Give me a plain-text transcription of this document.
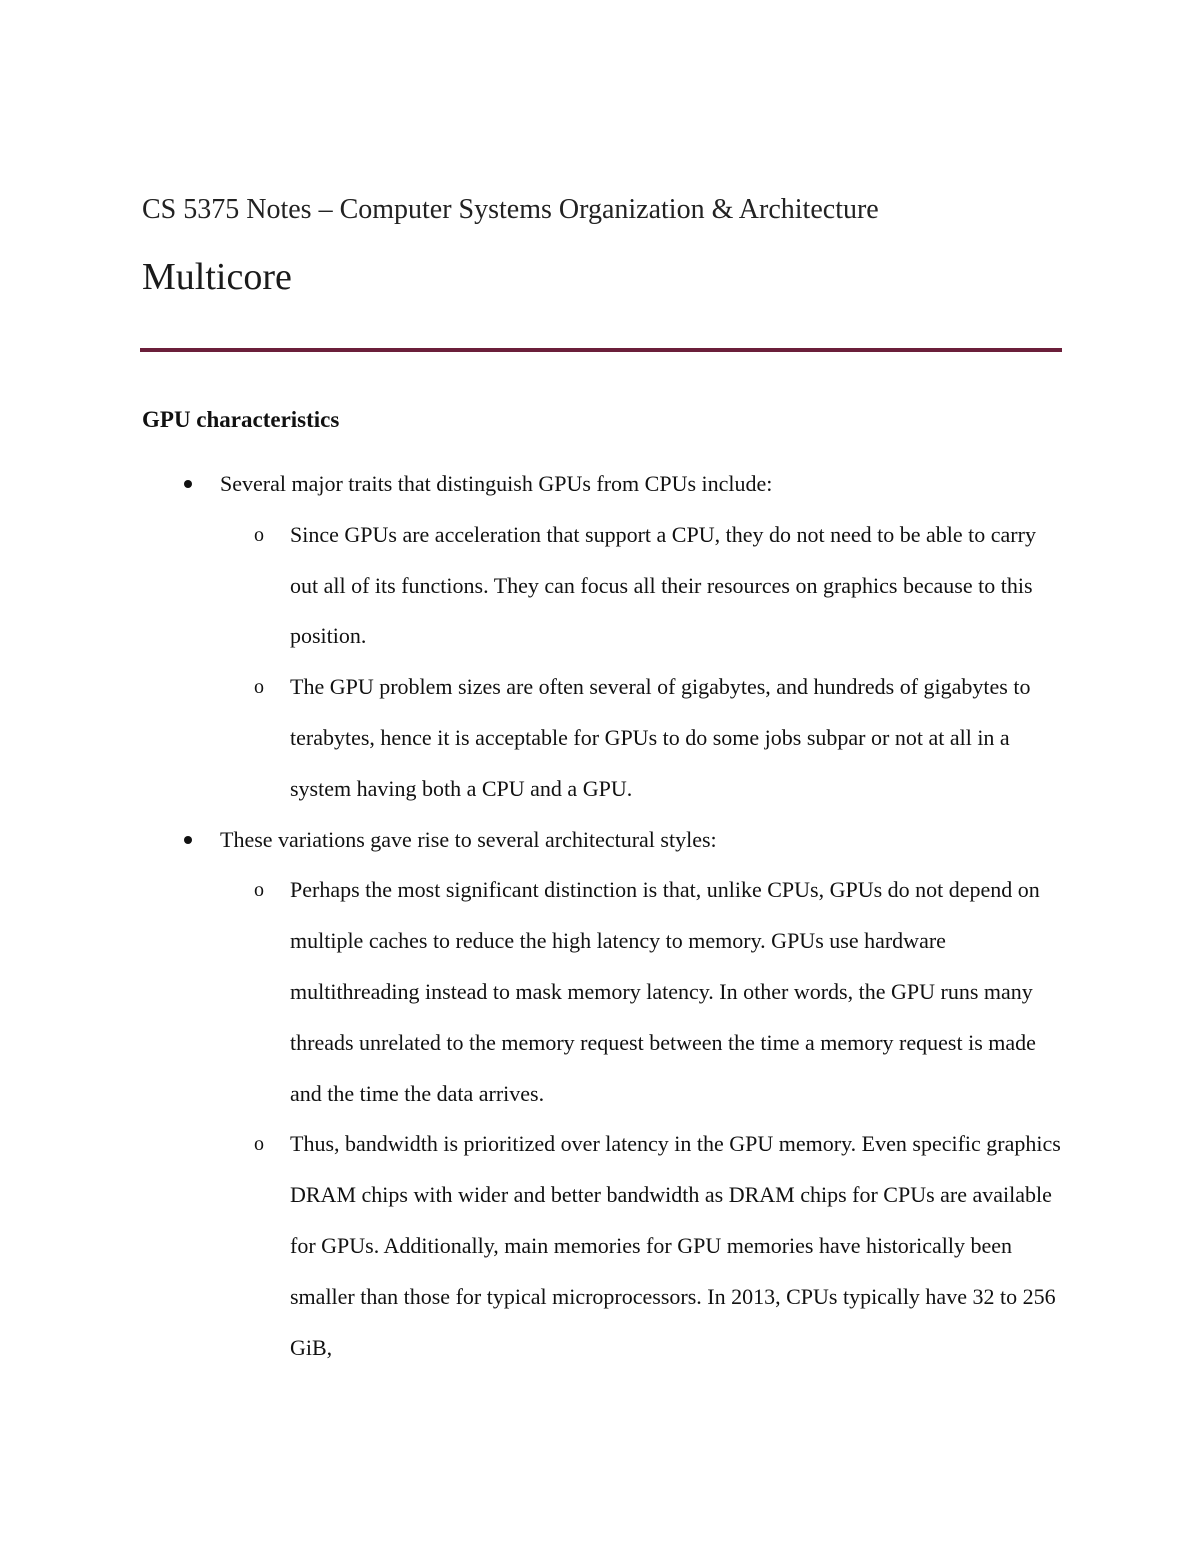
CS 5375 Notes – Computer Systems Organization & Architecture
Multicore
GPU characteristics
Several major traits that distinguish GPUs from CPUs include:
o Since GPUs are acceleration that support a CPU, they do not need to be able to carry out all of its functions. They can focus all their resources on graphics because to this position.
o The GPU problem sizes are often several of gigabytes, and hundreds of gigabytes to terabytes, hence it is acceptable for GPUs to do some jobs subpar or not at all in a system having both a CPU and a GPU.
These variations gave rise to several architectural styles:
o Perhaps the most significant distinction is that, unlike CPUs, GPUs do not depend on multiple caches to reduce the high latency to memory. GPUs use hardware multithreading instead to mask memory latency. In other words, the GPU runs many threads unrelated to the memory request between the time a memory request is made and the time the data arrives.
o Thus, bandwidth is prioritized over latency in the GPU memory. Even specific graphics DRAM chips with wider and better bandwidth as DRAM chips for CPUs are available for GPUs. Additionally, main memories for GPU memories have historically been smaller than those for typical microprocessors. In 2013, CPUs typically have 32 to 256 GiB,
